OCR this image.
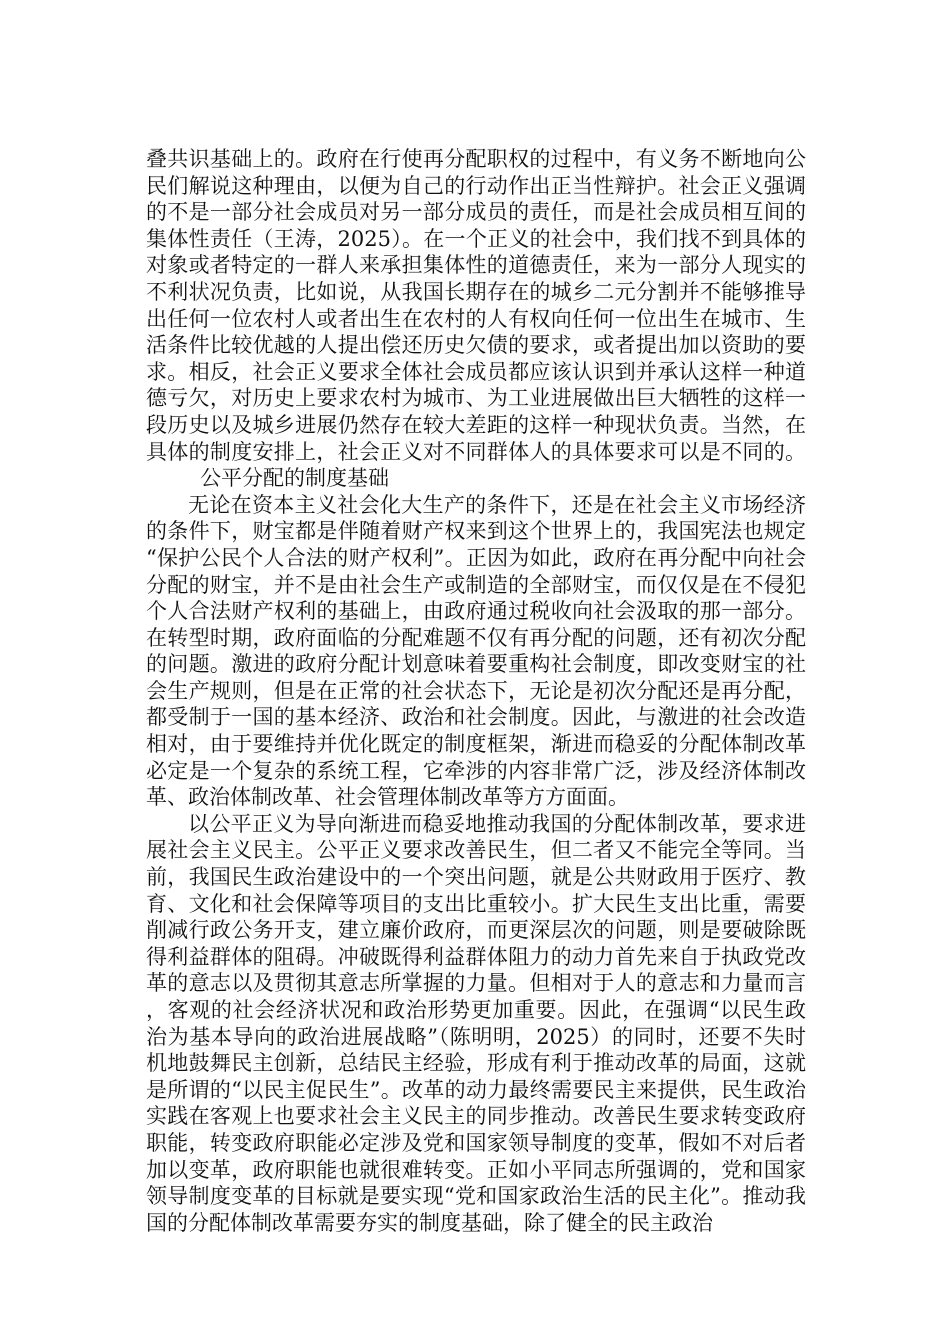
叠共识基础上的。政府在行使再分配职权的过程中，有义务不断地向公民们解说这种理由，以便为自己的行动作出正当性辩护。社会正义强调的不是一部分社会成员对另一部分成员的责任，而是社会成员相互间的集体性责任（王涛，2025）。在一个正义的社会中，我们找不到具体的对象或者特定的一群人来承担集体性的道德责任，来为一部分人现实的不利状况负责，比如说，从我国长期存在的城乡二元分割并不能够推导出任何一位农村人或者出生在农村的人有权向任何一位出生在城市、生活条件比较优越的人提出偿还历史欠债的要求，或者提出加以资助的要求。相反，社会正义要求全体社会成员都应该认识到并承认这样一种道德亏欠，对历史上要求农村为城市、为工业进展做出巨大牺牲的这样一段历史以及城乡进展仍然存在较大差距的这样一种现状负责。当然，在具体的制度安排上，社会正义对不同群体人的具体要求可以是不同的。公平分配的制度基础

无论在资本主义社会化大生产的条件下，还是在社会主义市场经济的条件下，财宝都是伴随着财产权来到这个世界上的，我国宪法也规定“保护公民个人合法的财产权利”。正因为如此，政府在再分配中向社会分配的财宝，并不是由社会生产或制造的全部财宝，而仅仅是在不侵犯个人合法财产权利的基础上，由政府通过税收向社会汲取的那一部分。在转型时期，政府面临的分配难题不仅有再分配的问题，还有初次分配的问题。激进的政府分配计划意味着要重构社会制度，即改变财宝的社会生产规则，但是在正常的社会状态下，无论是初次分配还是再分配，都受制于一国的基本经济、政治和社会制度。因此，与激进的社会改造相对，由于要维持并优化既定的制度框架，渐进而稳妥的分配体制改革必定是一个复杂的系统工程，它牵涉的内容非常广泛，涉及经济体制改革、政治体制改革、社会管理体制改革等方方面面。

以公平正义为导向渐进而稳妥地推动我国的分配体制改革，要求进展社会主义民主。公平正义要求改善民生，但二者又不能完全等同。当前，我国民生政治建设中的一个突出问题，就是公共财政用于医疗、教育、文化和社会保障等项目的支出比重较小。扩大民生支出比重，需要削减行政公务开支，建立廉价政府，而更深层次的问题，则是要破除既得利益群体的阻碍。冲破既得利益群体阻力的动力首先来自于执政党改革的意志以及贯彻其意志所掌握的力量。但相对于人的意志和力量而言，客观的社会经济状况和政治形势更加重要。因此，在强调“以民生政治为基本导向的政治进展战略”（陈明明，2025）的同时，还要不失时机地鼓舞民主创新，总结民主经验，形成有利于推动改革的局面，这就是所谓的“以民主促民生”。改革的动力最终需要民主来提供，民生政治实践在客观上也要求社会主义民主的同步推动。改善民生要求转变政府职能，转变政府职能必定涉及党和国家领导制度的变革，假如不对后者加以变革，政府职能也就很难转变。正如小平同志所强调的，党和国家领导制度变革的目标就是要实现“党和国家政治生活的民主化”。推动我国的分配体制改革需要夯实的制度基础，除了健全的民主政治
